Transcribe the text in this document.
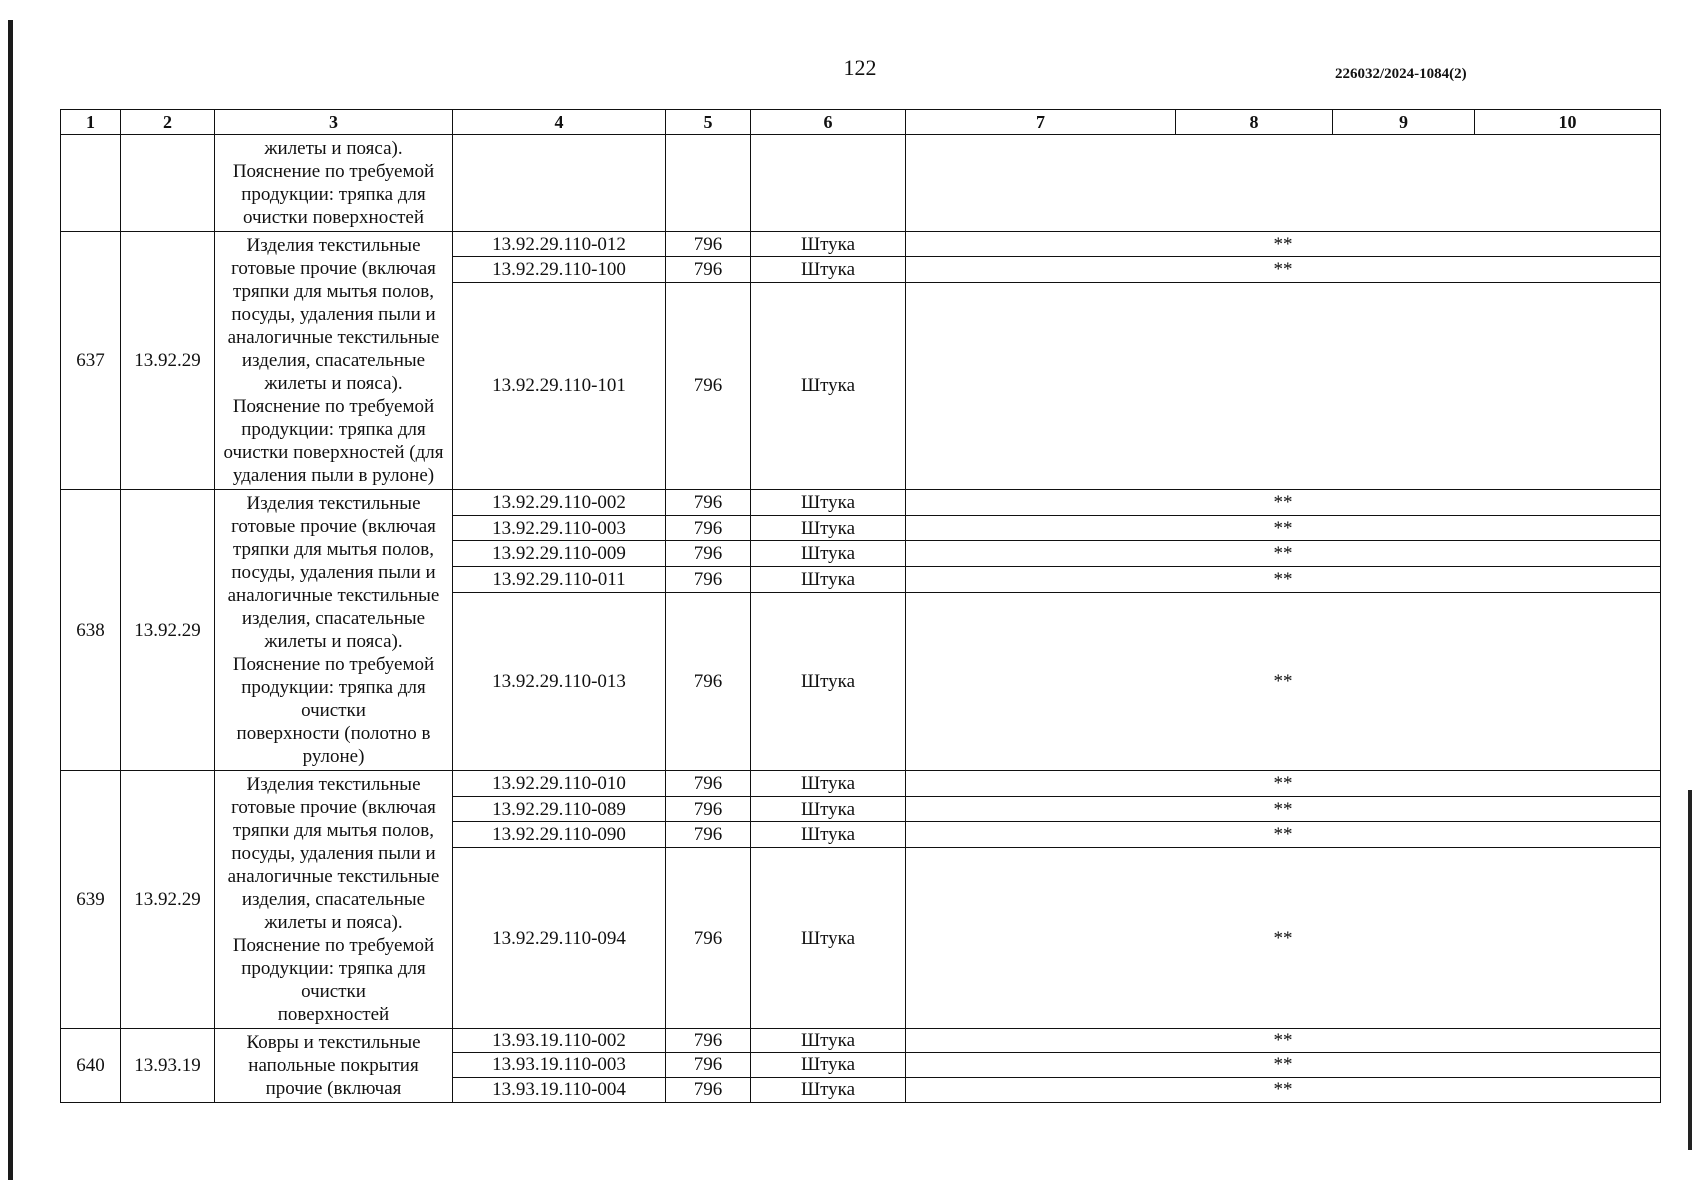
122	226032/2024-1084(2)
1	2	3	4	5	6	7	8	9	10
		жилеты и пояса).
Пояснение по требуемой продукции: тряпка для очистки поверхностей							
637	13.92.29	Изделия текстильные готовые прочие (включая тряпки для мытья полов, посуды, удаления пыли и аналогичные текстильные изделия, спасательные жилеты и пояса).
Пояснение по требуемой продукции: тряпка для очистки поверхностей (для удаления пыли в рулоне)	13.92.29.110-012	796	Штука	**			
			13.92.29.110-100	796	Штука	**			
			13.92.29.110-101	796	Штука				
638	13.92.29	Изделия текстильные готовые прочие (включая тряпки для мытья полов, посуды, удаления пыли и аналогичные текстильные изделия, спасательные жилеты и пояса).
Пояснение по требуемой продукции: тряпка для очистки
поверхности (полотно в рулоне)	13.92.29.110-002	796	Штука	**			
			13.92.29.110-003	796	Штука	**			
			13.92.29.110-009	796	Штука	**			
			13.92.29.110-011	796	Штука	**			
			13.92.29.110-013	796	Штука	**			
639	13.92.29	Изделия текстильные готовые прочие (включая тряпки для мытья полов, посуды, удаления пыли и аналогичные текстильные изделия, спасательные жилеты и пояса).
Пояснение по требуемой продукции: тряпка для очистки
поверхностей	13.92.29.110-010	796	Штука	**			
			13.92.29.110-089	796	Штука	**			
			13.92.29.110-090	796	Штука	**			
			13.92.29.110-094	796	Штука	**			
640	13.93.19	Ковры и текстильные напольные покрытия прочие (включая	13.93.19.110-002	796	Штука	**			
			13.93.19.110-003	796	Штука	**			
			13.93.19.110-004	796	Штука	**			
